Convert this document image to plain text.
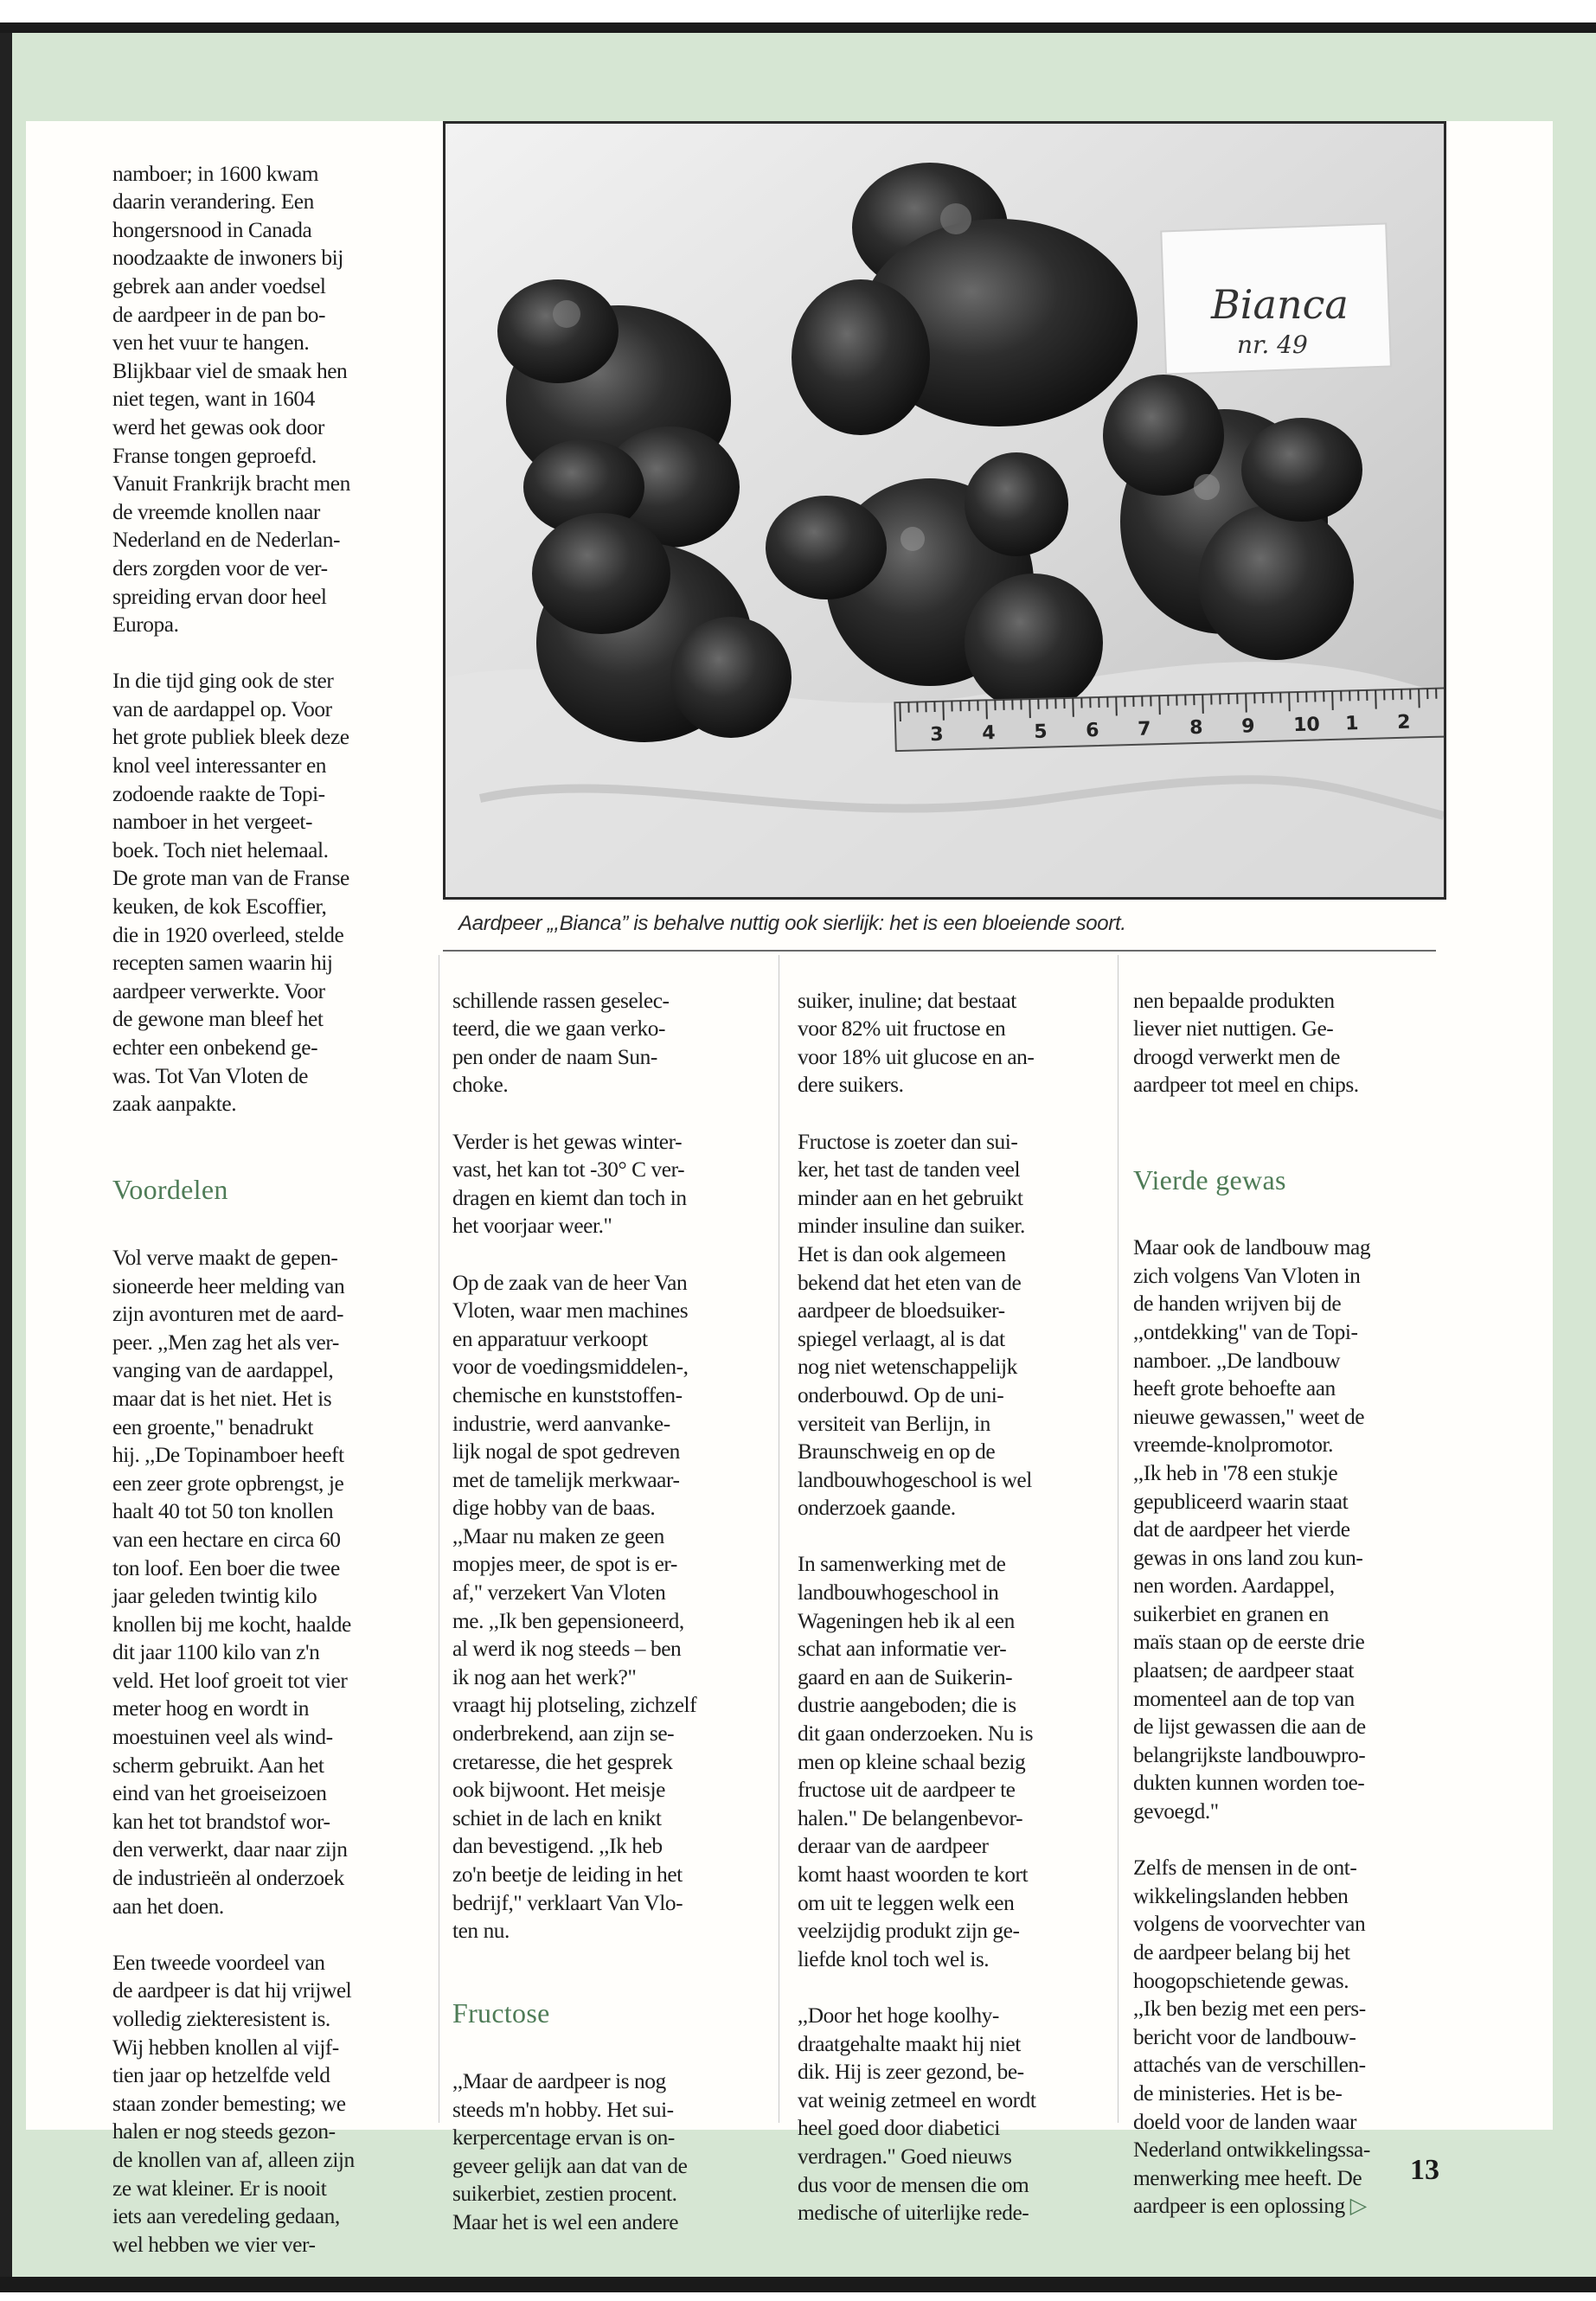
namboer; in 1600 kwam
daarin verandering. Een
hongersnood in Canada
noodzaakte de inwoners bij
gebrek aan ander voedsel
de aardpeer in de pan bo-
ven het vuur te hangen.
Blijkbaar viel de smaak hen
niet tegen, want in 1604
werd het gewas ook door
Franse tongen geproefd.
Vanuit Frankrijk bracht men
de vreemde knollen naar
Nederland en de Nederlan-
ders zorgden voor de ver-
spreiding ervan door heel
Europa.

In die tijd ging ook de ster
van de aardappel op. Voor
het grote publiek bleek deze
knol veel interessanter en
zodoende raakte de Topi-
namboer in het vergeet-
boek. Toch niet helemaal.
De grote man van de Franse
keuken, de kok Escoffier,
die in 1920 overleed, stelde
recepten samen waarin hij
aardpeer verwerkte. Voor
de gewone man bleef het
echter een onbekend ge-
was. Tot Van Vloten de
zaak aanpakte.

Voordelen

Vol verve maakt de gepen-
sioneerde heer melding van
zijn avonturen met de aard-
peer. ,,Men zag het als ver-
vanging van de aardappel,
maar dat is het niet. Het is
een groente," benadrukt
hij. ,,De Topinamboer heeft
een zeer grote opbrengst, je
haalt 40 tot 50 ton knollen
van een hectare en circa 60
ton loof. Een boer die twee
jaar geleden twintig kilo
knollen bij me kocht, haalde
dit jaar 1100 kilo van z'n
veld. Het loof groeit tot vier
meter hoog en wordt in
moestuinen veel als wind-
scherm gebruikt. Aan het
eind van het groeiseizoen
kan het tot brandstof wor-
den verwerkt, daar naar zijn
de industrieën al onderzoek
aan het doen.

Een tweede voordeel van
de aardpeer is dat hij vrijwel
volledig ziekteresistent is.
Wij hebben knollen al vijf-
tien jaar op hetzelfde veld
staan zonder bemesting; we
halen er nog steeds gezon-
de knollen van af, alleen zijn
ze wat kleiner. Er is nooit
iets aan veredeling gedaan,
wel hebben we vier ver-

Bianca
nr. 49
3 4 5 6 7 8 9 10 1 2
Aardpeer „,Bianca” is behalve nuttig ook sierlijk: het is een bloeiende soort.

schillende rassen geselec-
teerd, die we gaan verko-
pen onder de naam Sun-
choke.

Verder is het gewas winter-
vast, het kan tot -30° C ver-
dragen en kiemt dan toch in
het voorjaar weer."

Op de zaak van de heer Van
Vloten, waar men machines
en apparatuur verkoopt
voor de voedingsmiddelen-,
chemische en kunststoffen-
industrie, werd aanvanke-
lijk nogal de spot gedreven
met de tamelijk merkwaar-
dige hobby van de baas.
,,Maar nu maken ze geen
mopjes meer, de spot is er-
af," verzekert Van Vloten
me. ,,Ik ben gepensioneerd,
al werd ik nog steeds – ben
ik nog aan het werk?"
vraagt hij plotseling, zichzelf
onderbrekend, aan zijn se-
cretaresse, die het gesprek
ook bijwoont. Het meisje
schiet in de lach en knikt
dan bevestigend. ,,Ik heb
zo'n beetje de leiding in het
bedrijf," verklaart Van Vlo-
ten nu.

Fructose

,,Maar de aardpeer is nog
steeds m'n hobby. Het sui-
kerpercentage ervan is on-
geveer gelijk aan dat van de
suikerbiet, zestien procent.
Maar het is wel een andere

suiker, inuline; dat bestaat
voor 82% uit fructose en
voor 18% uit glucose en an-
dere suikers.

Fructose is zoeter dan sui-
ker, het tast de tanden veel
minder aan en het gebruikt
minder insuline dan suiker.
Het is dan ook algemeen
bekend dat het eten van de
aardpeer de bloedsuiker-
spiegel verlaagt, al is dat
nog niet wetenschappelijk
onderbouwd. Op de uni-
versiteit van Berlijn, in
Braunschweig en op de
landbouwhogeschool is wel
onderzoek gaande.

In samenwerking met de
landbouwhogeschool in
Wageningen heb ik al een
schat aan informatie ver-
gaard en aan de Suikerin-
dustrie aangeboden; die is
dit gaan onderzoeken. Nu is
men op kleine schaal bezig
fructose uit de aardpeer te
halen." De belangenbevor-
deraar van de aardpeer
komt haast woorden te kort
om uit te leggen welk een
veelzijdig produkt zijn ge-
liefde knol toch wel is.

,,Door het hoge koolhy-
draatgehalte maakt hij niet
dik. Hij is zeer gezond, be-
vat weinig zetmeel en wordt
heel goed door diabetici
verdragen." Goed nieuws
dus voor de mensen die om
medische of uiterlijke rede-

nen bepaalde produkten
liever niet nuttigen. Ge-
droogd verwerkt men de
aardpeer tot meel en chips.

Vierde gewas

Maar ook de landbouw mag
zich volgens Van Vloten in
de handen wrijven bij de
,,ontdekking" van de Topi-
namboer. ,,De landbouw
heeft grote behoefte aan
nieuwe gewassen," weet de
vreemde-knolpromotor.
,,Ik heb in '78 een stukje
gepubliceerd waarin staat
dat de aardpeer het vierde
gewas in ons land zou kun-
nen worden. Aardappel,
suikerbiet en granen en
maïs staan op de eerste drie
plaatsen; de aardpeer staat
momenteel aan de top van
de lijst gewassen die aan de
belangrijkste landbouwpro-
dukten kunnen worden toe-
gevoegd."

Zelfs de mensen in de ont-
wikkelingslanden hebben
volgens de voorvechter van
de aardpeer belang bij het
hoogopschietende gewas.
,,Ik ben bezig met een pers-
bericht voor de landbouw-
attachés van de verschillen-
de ministeries. Het is be-
doeld voor de landen waar
Nederland ontwikkelingssa-
menwerking mee heeft. De
aardpeer is een oplossing ▷

13
